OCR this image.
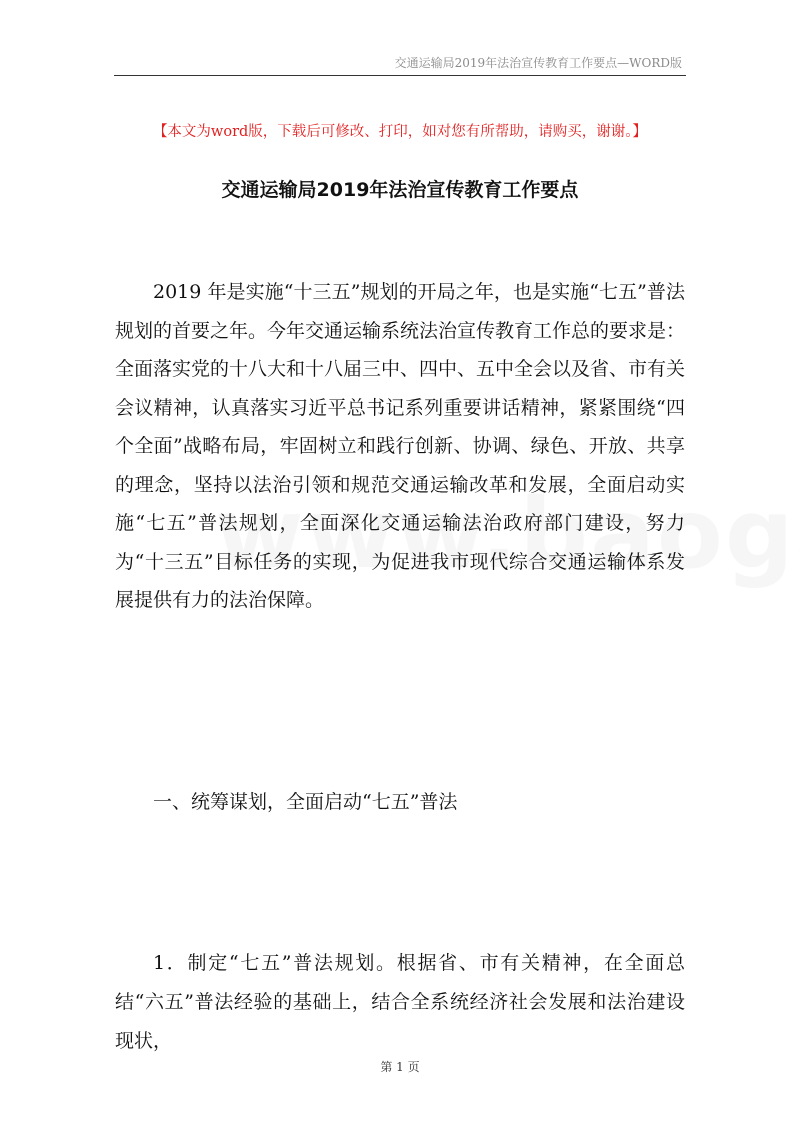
交通运输局2019年法治宣传教育工作要点—WORD版
【本文为word版，下载后可修改、打印，如对您有所帮助，请购买，谢谢。】
交通运输局2019年法治宣传教育工作要点

2019 年是实施“十三五”规划的开局之年，也是实施“七五”普法规划的首要之年。今年交通运输系统法治宣传教育工作总的要求是：全面落实党的十八大和十八届三中、四中、五中全会以及省、市有关会议精神，认真落实习近平总书记系列重要讲话精神，紧紧围绕“四个全面”战略布局，牢固树立和践行创新、协调、绿色、开放、共享的理念，坚持以法治引领和规范交通运输改革和发展，全面启动实施“七五”普法规划，全面深化交通运输法治政府部门建设，努力为“十三五”目标任务的实现，为促进我市现代综合交通运输体系发展提供有力的法治保障。

一、统筹谋划，全面启动“七五”普法

1．制定“七五”普法规划。根据省、市有关精神，在全面总结“六五”普法经验的基础上，结合全系统经济社会发展和法治建设现状，

第 1 页
